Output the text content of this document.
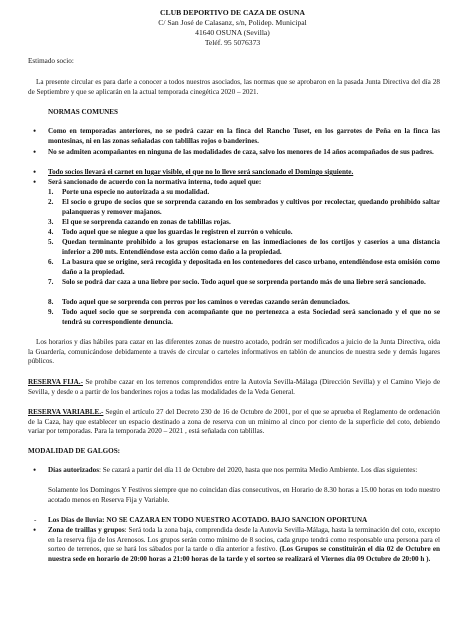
CLUB DEPORTIVO DE CAZA DE OSUNA
C/ San José de Calasanz, s/n, Polidep. Municipal
41640 OSUNA (Sevilla)
Teléf. 95 5076373
Estimado socio:

La presente circular es para darle a conocer a todos nuestros asociados, las normas que se aprobaron en la pasada Junta Directiva del día 28 de Septiembre y que se aplicarán en la actual temporada cinegética 2020 – 2021.

NORMAS COMUNES
• Como en temporadas anteriores, no se podrá cazar en la finca del Rancho Tuset, en los garrotes de Peña en la finca las montesinas, ni en las zonas señaladas con tablillas rojos o banderines.

• No se admiten acompañantes en ninguna de las modalidades de caza, salvo los menores de 14 años acompañados de sus padres.

• Todo socios llevará el carnet en lugar visible, el que no lo lleve será sancionado el Domingo siguiente.

• Será sancionado de acuerdo con la normativa interna, todo aquel que:

1. Porte una especie no autorizada a su modalidad.

2. El socio o grupo de socios que se sorprenda cazando en los sembrados y cultivos por recolectar, quedando prohibido saltar palanqueras y remover majanos.

3. El que se sorprenda cazando en zonas de tablillas rojas.

4. Todo aquel que se niegue a que los guardas le registren el zurrón o vehículo.

5. Quedan terminante prohibido a los grupos estacionarse en las inmediaciones de los cortijos y caseríos a una distancia inferior a 200 mts. Entendiéndose esta acción como daño a la propiedad.

6. La basura que se origine, será recogida y depositada en los contenedores del casco urbano, entendiéndose esta omisión como daño a la propiedad.

7. Solo se podrá dar caza a una liebre por socio. Todo aquel que se sorprenda portando más de una liebre será sancionado.

8. Todo aquel que se sorprenda con perros por los caminos o veredas cazando serán denunciados.

9. Todo aquel socio que se sorprenda con acompañante que no pertenezca a esta Sociedad será sancionado y el que no se tendrá su correspondiente denuncia.

Los horarios y días hábiles para cazar en las diferentes zonas de nuestro acotado, podrán ser modificados a juicio de la Junta Directiva, oída la Guardería, comunicándose debidamente a través de circular o carteles informativos en tablón de anuncios de nuestra sede y demás lugares públicos.

RESERVA FIJA.- Se prohíbe cazar en los terrenos comprendidos entre la Autovía Sevilla-Málaga (Dirección Sevilla) y el Camino Viejo de Sevilla, y desde o a partir de los banderines rojos a todas las modalidades de la Veda General.

RESERVA VARIABLE.- Según el artículo 27 del Decreto 230 de 16 de Octubre de 2001, por el que se aprueba el Reglamento de ordenación de la Caza, hay que establecer un espacio destinado a zona de reserva con un mínimo al cinco por ciento de la superficie del coto, debiendo variar por temporadas. Para la temporada 2020 – 2021 , está señalada con tablillas.

MODALIDAD DE GALGOS:
• Días autorizados: Se cazará a partir del día 11 de Octubre del 2020, hasta que nos permita Medio Ambiente. Los días siguientes:

Solamente los Domingos Y Festivos siempre que no coincidan días consecutivos, en Horario de 8.30 horas a 15.00 horas en todo nuestro acotado menos en Reserva Fija y Variable.

- Los Días de lluvia: NO SE CAZARA EN TODO NUESTRO ACOTADO. BAJO SANCION OPORTUNA

• Zona de traillas y grupos: Será toda la zona baja, comprendida desde la Autovía Sevilla-Málaga, hasta la terminación del coto, excepto en la reserva fija de los Arenosos. Los grupos serán como mínimo de 8 socios, cada grupo tendrá como responsable una persona para el sorteo de terrenos, que se hará los sábados por la tarde o día anterior a festivo. (Los Grupos se constituirán el día 02 de Octubre en nuestra sede en horario de 20:00 horas a 21:00 horas de la tarde y el sorteo se realizará el Viernes día 09 Octubre de 20:00 h ).
